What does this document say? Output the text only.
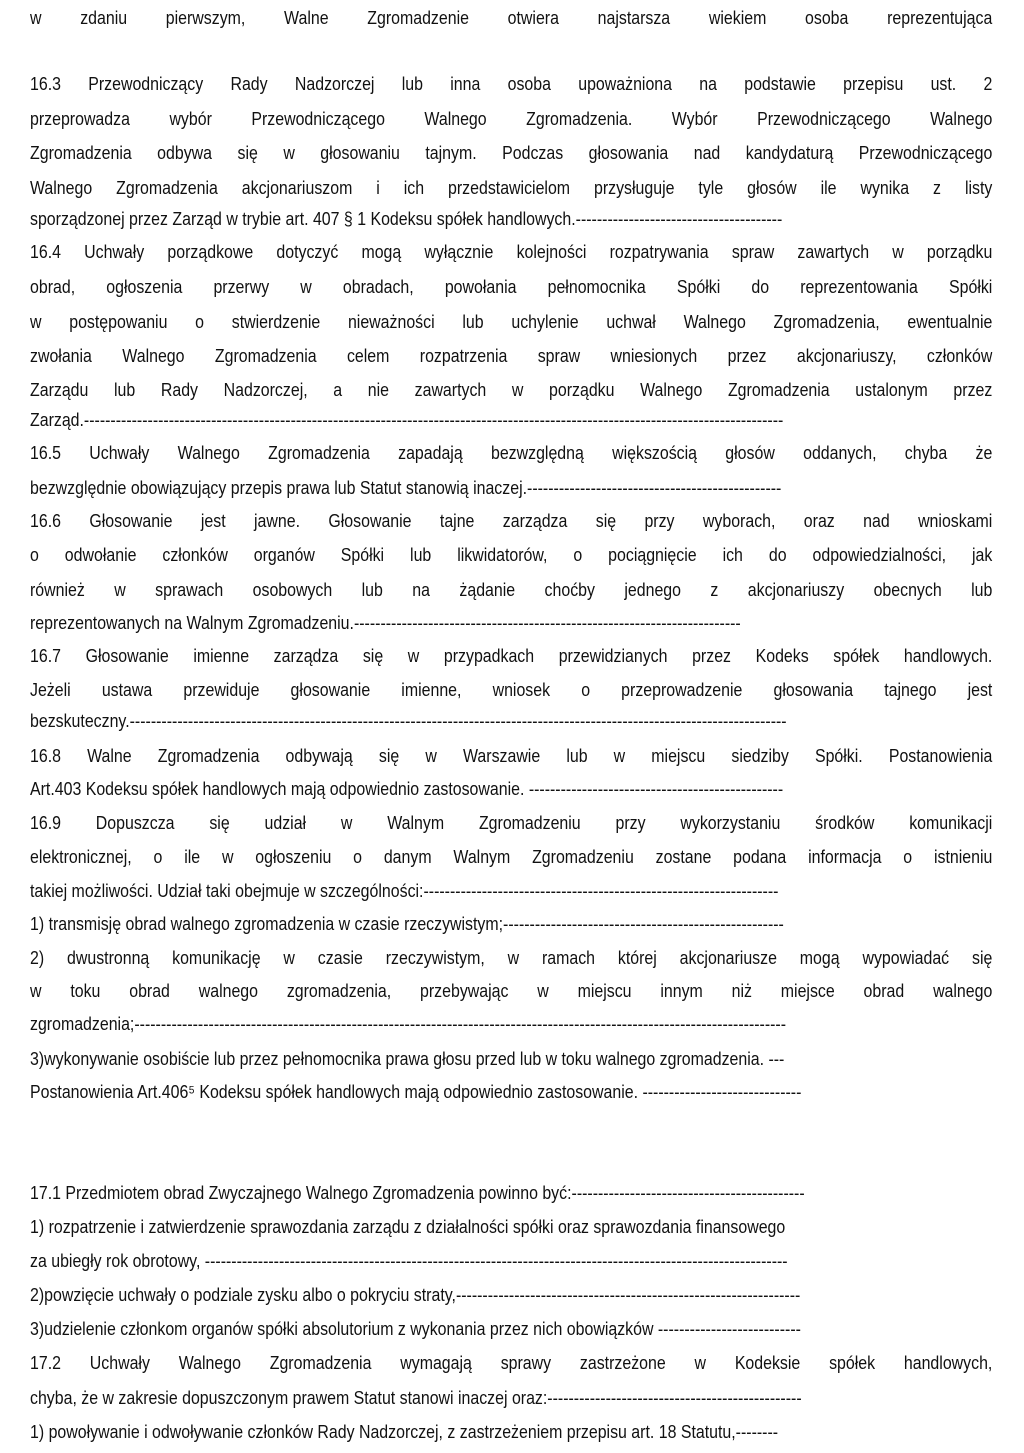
w zdaniu pierwszym, Walne Zgromadzenie otwiera najstarsza wiekiem osoba reprezentująca
16.3 Przewodniczący Rady Nadzorczej lub inna osoba upoważniona na podstawie przepisu ust. 2
przeprowadza wybór Przewodniczącego Walnego Zgromadzenia. Wybór Przewodniczącego Walnego
Zgromadzenia odbywa się w głosowaniu tajnym. Podczas głosowania nad kandydaturą Przewodniczącego
Walnego Zgromadzenia akcjonariuszom i ich przedstawicielom przysługuje tyle głosów ile wynika z listy
sporządzonej przez Zarząd w trybie art. 407 § 1 Kodeksu spółek handlowych.---------------------------------------
16.4 Uchwały porządkowe dotyczyć mogą wyłącznie kolejności rozpatrywania spraw zawartych w porządku
obrad, ogłoszenia przerwy w obradach, powołania pełnomocnika Spółki do reprezentowania Spółki
w postępowaniu o stwierdzenie nieważności lub uchylenie uchwał Walnego Zgromadzenia, ewentualnie
zwołania Walnego Zgromadzenia celem rozpatrzenia spraw wniesionych przez akcjonariuszy, członków
Zarządu lub Rady Nadzorczej, a nie zawartych w porządku Walnego Zgromadzenia ustalonym przez
Zarząd.------------------------------------------------------------------------------------------------------------------------------------
16.5 Uchwały Walnego Zgromadzenia zapadają bezwzględną większością głosów oddanych, chyba że
bezwzględnie obowiązujący przepis prawa lub Statut stanowią inaczej.------------------------------------------------
16.6 Głosowanie jest jawne. Głosowanie tajne zarządza się przy wyborach, oraz nad wnioskami
o odwołanie członków organów Spółki lub likwidatorów, o pociągnięcie ich do odpowiedzialności, jak
również w sprawach osobowych lub na żądanie choćby jednego z akcjonariuszy obecnych lub
reprezentowanych na Walnym Zgromadzeniu.-------------------------------------------------------------------------
16.7 Głosowanie imienne zarządza się w przypadkach przewidzianych przez Kodeks spółek handlowych.
Jeżeli ustawa przewiduje głosowanie imienne, wniosek o przeprowadzenie głosowania tajnego jest
bezskuteczny.----------------------------------------------------------------------------------------------------------------------------
16.8 Walne Zgromadzenia odbywają się w Warszawie lub w miejscu siedziby Spółki. Postanowienia
Art.403 Kodeksu spółek handlowych mają odpowiednio zastosowanie. ------------------------------------------------
16.9 Dopuszcza się udział w Walnym Zgromadzeniu przy wykorzystaniu środków komunikacji
elektronicznej, o ile w ogłoszeniu o danym Walnym Zgromadzeniu zostane podana informacja o istnieniu
takiej możliwości. Udział taki obejmuje w szczególności:-------------------------------------------------------------------
1) transmisję obrad walnego zgromadzenia w czasie rzeczywistym;-----------------------------------------------------
2) dwustronną komunikację w czasie rzeczywistym, w ramach której akcjonariusze mogą wypowiadać się
w toku obrad walnego zgromadzenia, przebywając w miejscu innym niż miejsce obrad walnego
zgromadzenia;---------------------------------------------------------------------------------------------------------------------------
3)wykonywanie osobiście lub przez pełnomocnika prawa głosu przed lub w toku walnego zgromadzenia. ---
Postanowienia Art.406⁵ Kodeksu spółek handlowych mają odpowiednio zastosowanie. ------------------------------
17.1 Przedmiotem obrad Zwyczajnego Walnego Zgromadzenia powinno być:--------------------------------------------
1) rozpatrzenie i zatwierdzenie sprawozdania zarządu z działalności spółki oraz sprawozdania finansowego
za ubiegły rok obrotowy, --------------------------------------------------------------------------------------------------------------
2)powzięcie uchwały o podziale zysku albo o pokryciu straty,-----------------------------------------------------------------
3)udzielenie członkom organów spółki absolutorium z wykonania przez nich obowiązków ---------------------------
17.2 Uchwały Walnego Zgromadzenia wymagają sprawy zastrzeżone w Kodeksie spółek handlowych,
chyba, że w zakresie dopuszczonym prawem Statut stanowi inaczej oraz:------------------------------------------------
1) powoływanie i odwoływanie członków Rady Nadzorczej, z zastrzeżeniem przepisu art. 18 Statutu,--------
